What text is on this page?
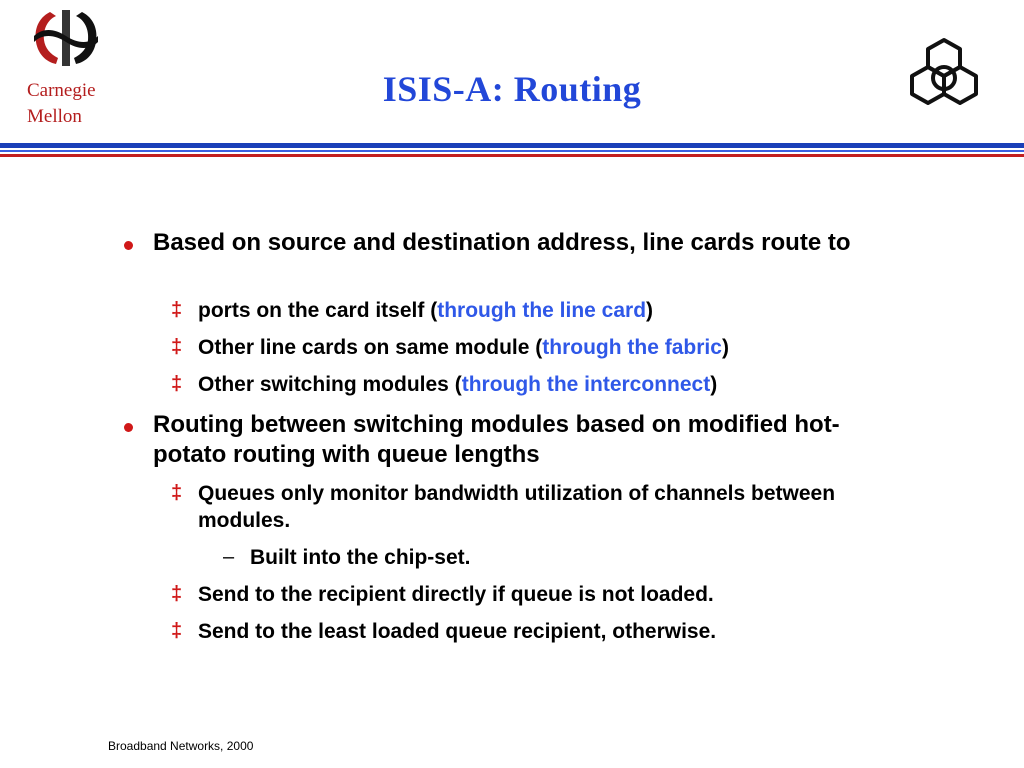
Carnegie
Mellon
ISIS-A: Routing
Based on source and destination address, line cards route to
‡ ports on the card itself (through the line card)
‡ Other line cards on same module (through the fabric)
‡ Other switching modules (through the interconnect)
Routing between switching modules based on modified hot-potato routing with queue lengths
‡ Queues only monitor bandwidth utilization of channels between modules.
– Built into the chip-set.
‡ Send to the recipient directly if queue is not loaded.
‡ Send to the least loaded queue recipient, otherwise.
Broadband Networks, 2000
